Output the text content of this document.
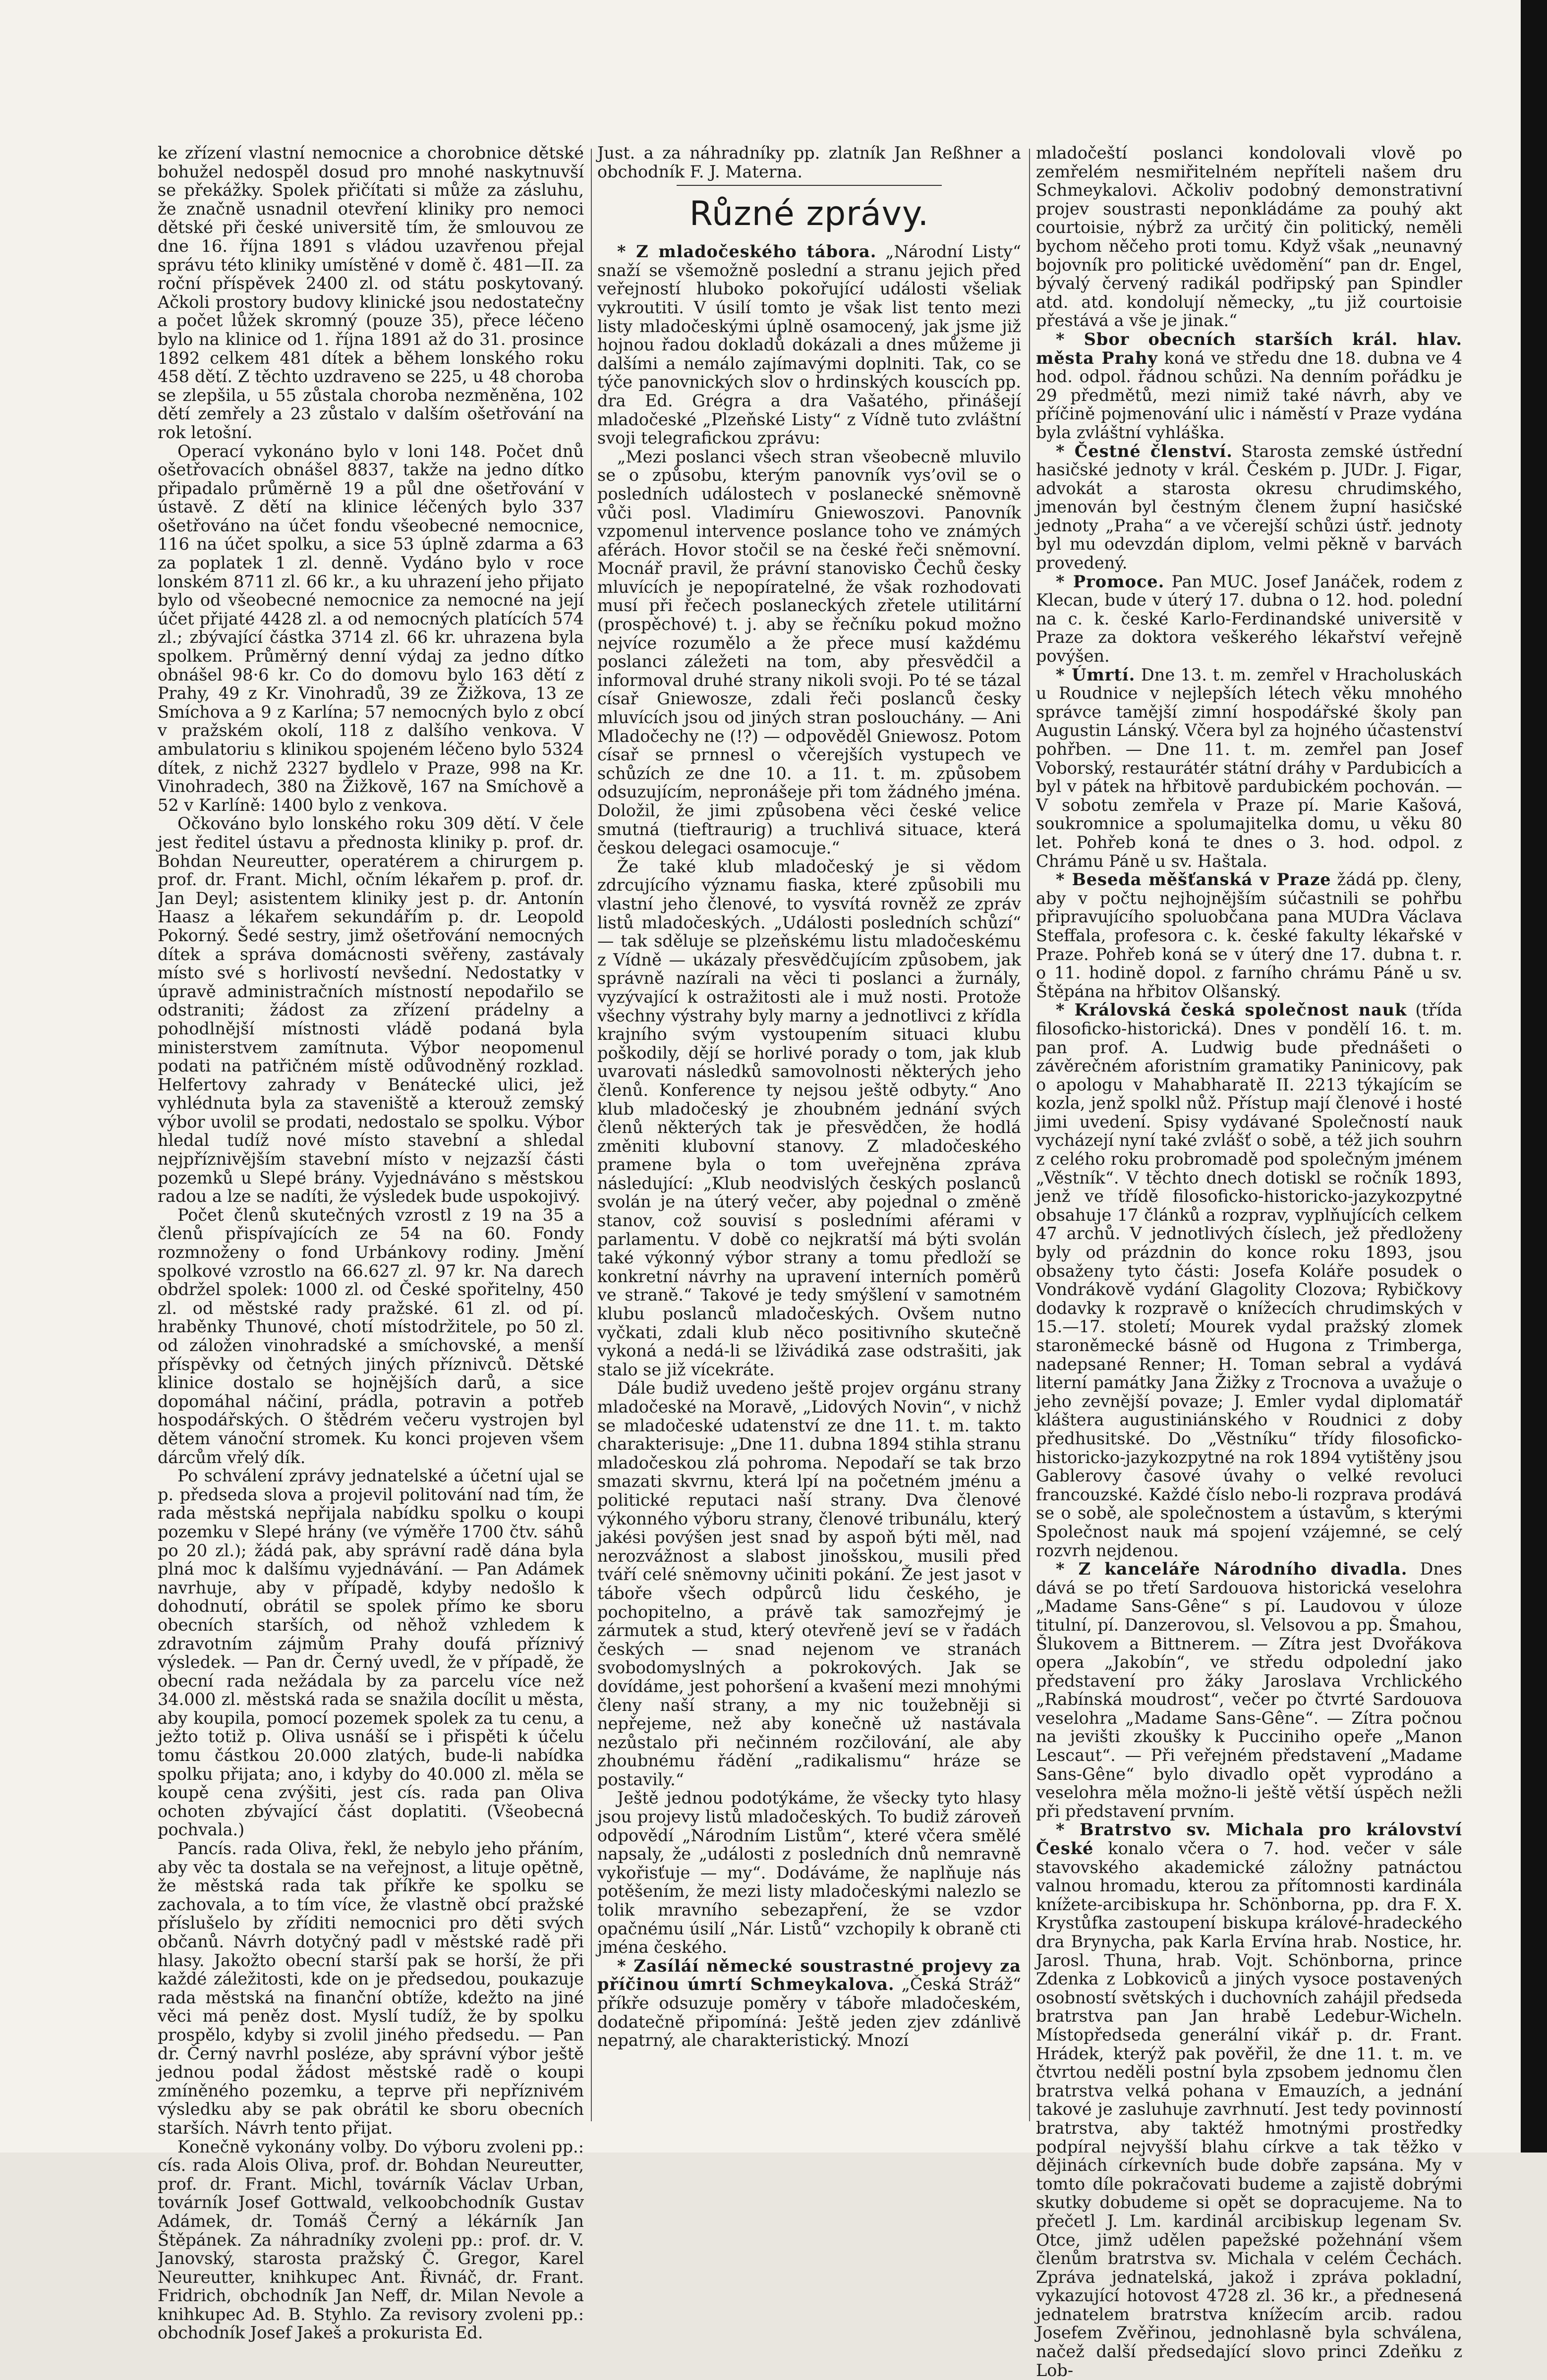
ke zřízení vlastní nemocnice a chorobnice dětské bohužel nedospěl dosud pro mnohé naskytnuvší se překážky. Spolek přičítati si může za zásluhu, že značně usnadnil otevření kliniky pro nemoci dětské při české universitě tím, že smlouvou ze dne 16. října 1891 s vládou uzavřenou přejal správu této kliniky umístěné v domě č. 481—II. za roční příspěvek 2400 zl. od státu poskytovaný. Ačkoli prostory budovy klinické jsou nedostatečny a počet lůžek skromný (pouze 35), přece léčeno bylo na klinice od 1. října 1891 až do 31. prosince 1892 celkem 481 dítek a během lonského roku 458 dětí. Z těchto uzdraveno se 225, u 48 choroba se zlepšila, u 55 zůstala choroba nezměněna, 102 dětí zemřely a 23 zůstalo v dalším ošetřování na rok letošní.

Operací vykonáno bylo v loni 148. Počet dnů ošetřovacích obnášel 8837, takže na jedno dítko připadalo průměrně 19 a půl dne ošetřování v ústavě. Z dětí na klinice léčených bylo 337 ošetřováno na účet fondu všeobecné nemocnice, 116 na účet spolku, a sice 53 úplně zdarma a 63 za poplatek 1 zl. denně. Vydáno bylo v roce lonském 8711 zl. 66 kr., a ku uhrazení jeho přijato bylo od všeobecné nemocnice za nemocné na její účet přijaté 4428 zl. a od nemocných platících 574 zl.; zbývající částka 3714 zl. 66 kr. uhrazena byla spolkem. Průměrný denní výdaj za jedno dítko obnášel 98·6 kr. Co do domovu bylo 163 dětí z Prahy, 49 z Kr. Vinohradů, 39 ze Žižkova, 13 ze Smíchova a 9 z Karlína; 57 nemocných bylo z obcí v pražském okolí, 118 z dalšího venkova. V ambulatoriu s klinikou spojeném léčeno bylo 5324 dítek, z nichž 2327 bydlelo v Praze, 998 na Kr. Vinohradech, 380 na Žižkově, 167 na Smíchově a 52 v Karlíně: 1400 bylo z venkova.

Očkováno bylo lonského roku 309 dětí. V čele jest ředitel ústavu a přednosta kliniky p. prof. dr. Bohdan Neureutter, operatérem a chirurgem p. prof. dr. Frant. Michl, očním lékařem p. prof. dr. Jan Deyl; asistentem kliniky jest p. dr. Antonín Haasz a lékařem sekundářím p. dr. Leopold Pokorný. Šedé sestry, jimž ošetřování nemocných dítek a správa domácnosti svěřeny, zastávaly místo své s horlivostí nevšední. Nedostatky v úpravě administračních místností nepodařilo se odstraniti; žádost za zřízení prádelny a pohodlnější místnosti vládě podaná byla ministerstvem zamítnuta. Výbor neopomenul podati na patřičném místě odůvodněný rozklad. Helfertovy zahrady v Benátecké ulici, jež vyhlédnuta byla za staveniště a kterouž zemský výbor uvolil se prodati, nedostalo se spolku. Výbor hledal tudíž nové místo stavební a shledal nejpříznivějším stavební místo v nejzazší části pozemků u Slepé brány. Vyjednáváno s městskou radou a lze se nadíti, že výsledek bude uspokojivý.

Počet členů skutečných vzrostl z 19 na 35 a členů přispívajících ze 54 na 60. Fondy rozmnoženy o fond Urbánkovy rodiny. Jmění spolkové vzrostlo na 66.627 zl. 97 kr. Na darech obdržel spolek: 1000 zl. od České spořitelny, 450 zl. od městské rady pražské. 61 zl. od pí. hraběnky Thunové, chotí místodržitele, po 50 zl. od záložen vinohradské a smíchovské, a menší příspěvky od četných jiných příznivců. Dětské klinice dostalo se hojnějších darů, a sice dopomáhal náčiní, prádla, potravin a potřeb hospodářských. O štědrém večeru vystrojen byl dětem vánoční stromek. Ku konci projeven všem dárcům vřelý dík.

Po schválení zprávy jednatelské a účetní ujal se p. předseda slova a projevil politování nad tím, že rada městská nepřijala nabídku spolku o koupi pozemku v Slepé hrány (ve výměře 1700 čtv. sáhů po 20 zl.); žádá pak, aby správní radě dána byla plná moc k dalšímu vyjednávání. — Pan Adámek navrhuje, aby v případě, kdyby nedošlo k dohodnutí, obrátil se spolek přímo ke sboru obecních starších, od něhož vzhledem k zdravotním zájmům Prahy doufá příznivý výsledek. — Pan dr. Černý uvedl, že v případě, že obecní rada nežádala by za parcelu více než 34.000 zl. městská rada se snažila docílit u města, aby koupila, pomocí pozemek spolek za tu cenu, a ježto totiž p. Oliva usnáší se i přispěti k účelu tomu částkou 20.000 zlatých, bude-li nabídka spolku přijata; ano, i kdyby do 40.000 zl. měla se koupě cena zvýšiti, jest cís. rada pan Oliva ochoten zbývající část doplatiti. (Všeobecná pochvala.)

Pancís. rada Oliva, řekl, že nebylo jeho přáním, aby věc ta dostala se na veřejnost, a lituje opětně, že městská rada tak příkře ke spolku se zachovala, a to tím více, že vlastně obcí pražské příslušelo by zříditi nemocnici pro děti svých občanů. Návrh dotyčný padl v městské radě při hlasy. Jakožto obecní starší pak se horší, že při každé záležitosti, kde on je předsedou, poukazuje rada městská na finanční obtíže, kdežto na jiné věci má peněz dost. Myslí tudíž, že by spolku prospělo, kdyby si zvolil jiného předsedu. — Pan dr. Černý navrhl posléze, aby správní výbor ještě jednou podal žádost městské radě o koupi zmíněného pozemku, a teprve při nepříznivém výsledku aby se pak obrátil ke sboru obecních starších. Návrh tento přijat.

Konečně vykonány volby. Do výboru zvoleni pp.: cís. rada Alois Oliva, prof. dr. Bohdan Neureutter, prof. dr. Frant. Michl, továrník Václav Urban, továrník Josef Gottwald, velkoobchodník Gustav Adámek, dr. Tomáš Černý a lékárník Jan Štěpánek. Za náhradníky zvoleni pp.: prof. dr. V. Janovský, starosta pražský Č. Gregor, Karel Neureutter, knihkupec Ant. Řivnáč, dr. Frant. Fridrich, obchodník Jan Neff, dr. Milan Nevole a knihkupec Ad. B. Styhlo. Za revisory zvoleni pp.: obchodník Josef Jakeš a prokurista Ed.

Just. a za náhradníky pp. zlatník Jan Reßhner a obchodník F. J. Materna.

Různé zprávy.

* Z mladočeského tábora. „Národní Listy“ snaží se všemožně poslední a stranu jejich před veřejností hluboko pokořující události všeliak vykroutiti. V úsilí tomto je však list tento mezi listy mladočeskými úplně osamocený, jak jsme již hojnou řadou dokladů dokázali a dnes můžeme ji dalšími a nemálo zajímavými doplniti. Tak, co se týče panovnických slov o hrdinských kouscích pp. dra Ed. Grégra a dra Vašatého, přinášejí mladočeské „Plzeňské Listy“ z Vídně tuto zvláštní svoji telegrafickou zprávu:

„Mezi poslanci všech stran všeobecně mluvilo se o způsobu, kterým panovník vys’ovil se o posledních událostech v poslanecké sněmovně vůči posl. Vladimíru Gniewoszovi. Panovník vzpomenul intervence poslance toho ve známých aférách. Hovor stočil se na české řeči sněmovní. Mocnář pravil, že právní stanovisko Čechů česky mluvících je nepopíratelné, že však rozhodovati musí při řečech poslaneckých zřetele utilitární (prospěchové) t. j. aby se řečníku pokud možno nejvíce rozumělo a že přece musí každému poslanci záležeti na tom, aby přesvědčil a informoval druhé strany nikoli svoji. Po té se tázal císař Gniewosze, zdali řeči poslanců česky mluvících jsou od jiných stran poslouchány. — Ani Mladočechy ne (!?) — odpověděl Gniewosz. Potom císař se prnnesl o včerejších vystupech ve schůzích ze dne 10. a 11. t. m. způsobem odsuzujícím, nepronášeje při tom žádného jména. Doložil, že jimi způsobena věci české velice smutná (tieftraurig) a truchlivá situace, která českou delegaci osamocuje.“

Že také klub mladočeský je si vědom zdrcujícího významu fiaska, které způsobili mu vlastní jeho členové, to vysvítá rovněž ze zpráv listů mladočeských. „Události posledních schůzí“ — tak sděluje se plzeňskému listu mladočeskému z Vídně — ukázaly přesvědčujícím způsobem, jak správně nazírali na věci ti poslanci a žurnály, vyzývající k ostražitosti ale i muž nosti. Protože všechny výstrahy byly marny a jednotlivci z křídla krajního svým vystoupením situaci klubu poškodily, dějí se horlivé porady o tom, jak klub uvarovati následků samovolnosti některých jeho členů. Konference ty nejsou ještě odbyty.“ Ano klub mladočeský je zhoubném jednání svých členů některých tak je přesvědčen, že hodlá změniti klubovní stanovy. Z mladočeského pramene byla o tom uveřejněna zpráva následující: „Klub neodvislých českých poslanců svolán je na úterý večer, aby pojednal o změně stanov, což souvisí s posledními aférami v parlamentu. V době co nejkratší má býti svolán také výkonný výbor strany a tomu předloží se konkretní návrhy na upravení interních poměrů ve straně.“ Takové je tedy smýšlení v samotném klubu poslanců mladočeských. Ovšem nutno vyčkati, zdali klub něco positivního skutečně vykoná a nedá-li se lživádiká zase odstrašiti, jak stalo se již vícekráte.

Dále budiž uvedeno ještě projev orgánu strany mladočeské na Moravě, „Lidových Novin“, v nichž se mladočeské udatenství ze dne 11. t. m. takto charakterisuje: „Dne 11. dubna 1894 stihla stranu mladočeskou zlá pohroma. Nepodaří se tak brzo smazati skvrnu, která lpí na početném jménu a politické reputaci naší strany. Dva členové výkonného výboru strany, členové tribunálu, který jakési povýšen jest snad by aspoň býti měl, nad nerozvážnost a slabost jinošskou, musili před tváří celé sněmovny učiniti pokání. Že jest jasot v táboře všech odpůrců lidu českého, je pochopitelno, a právě tak samozřejmý je zármutek a stud, který otevřeně jeví se v řadách českých — snad nejenom ve stranách svobodomyslných a pokrokových. Jak se dovídáme, jest pohoršení a kvašení mezi mnohými členy naší strany, a my nic toužebněji si nepřejeme, než aby konečně už nastávala nezůstalo při nečinném rozčilování, ale aby zhoubnému řádění „radikalismu“ hráze se postavily.“

Ještě jednou podotýkáme, že všecky tyto hlasy jsou projevy listů mladočeských. To budiž zároveň odpovědí „Národním Listům“, které včera smělé napsaly, že „události z posledních dnů nemravně vykořisťuje — my“. Dodáváme, že naplňuje nás potěšením, že mezi listy mladočeskými nalezlo se tolik mravního sebezapření, že se vzdor opačnému úsilí „Nár. Listů“ vzchopily k obraně cti jména českého.

* Zasíláí německé soustrastné projevy za příčinou úmrtí Schmeykalova. „Česká Stráž“ příkře odsuzuje poměry v táboře mladočeském, dodatečně připomíná: Ještě jeden zjev zdánlivě nepatrný, ale charakteristický. Mnozí

mladočeští poslanci kondolovali vlově po zemřelém nesmiřitelném nepříteli našem dru Schmeykalovi. Ačkoliv podobný demonstrativní projev soustrasti neponkládáme za pouhý akt courtoisie, nýbrž za určitý čin politický, neměli bychom něčeho proti tomu. Když však „neunavný bojovník pro politické uvědomění“ pan dr. Engel, bývalý červený radikál podřipský pan Spindler atd. atd. kondolují německy, „tu již courtoisie přestává a vše je jinak.“

* Sbor obecních starších král. hlav. města Prahy koná ve středu dne 18. dubna ve 4 hod. odpol. řádnou schůzi. Na denním pořádku je 29 předmětů, mezi nimiž také návrh, aby ve příčině pojmenování ulic i náměstí v Praze vydána byla zvláštní vyhláška.

* Čestné členství. Starosta zemské ústřední hasičské jednoty v král. Českém p. JUDr. J. Figar, advokát a starosta okresu chrudimského, jmenován byl čestným členem župní hasičské jednoty „Praha“ a ve včerejší schůzi ústř. jednoty byl mu odevzdán diplom, velmi pěkně v barvách provedený.

* Promoce. Pan MUC. Josef Janáček, rodem z Klecan, bude v úterý 17. dubna o 12. hod. polední na c. k. české Karlo-Ferdinandské universitě v Praze za doktora veškerého lékařství veřejně povýšen.

* Úmrtí. Dne 13. t. m. zemřel v Hracholuskách u Roudnice v nejlepších létech věku mnohého správce tamější zimní hospodářské školy pan Augustin Lánský. Včera byl za hojného účastenství pohřben. — Dne 11. t. m. zemřel pan Josef Voborský, restaurátér státní dráhy v Pardubicích a byl v pátek na hřbitově pardubickém pochován. — V sobotu zemřela v Praze pí. Marie Kašová, soukromnice a spolumajitelka domu, u věku 80 let. Pohřeb koná te dnes o 3. hod. odpol. z Chrámu Páně u sv. Haštala.

* Beseda měšťanská v Praze žádá pp. členy, aby v počtu nejhojnějším súčastnili se pohřbu připravujícího spoluobčana pana MUDra Václava Steffala, profesora c. k. české fakulty lékařské v Praze. Pohřeb koná se v úterý dne 17. dubna t. r. o 11. hodině dopol. z farního chrámu Páně u sv. Štěpána na hřbitov Olšanský.

* Královská česká společnost nauk (třída filosoficko-historická). Dnes v pondělí 16. t. m. pan prof. A. Ludwig bude přednášeti o závěrečném aforistním gramatiky Paninicovy, pak o apologu v Mahabharatě II. 2213 týkajícím se kozla, jenž spolkl nůž. Přístup mají členové i hosté jimi uvedení. Spisy vydávané Společností nauk vycházejí nyní také zvlášť o sobě, a též jich souhrn z celého roku probromadě pod společným jménem „Věstník“. V těchto dnech dotiskl se ročník 1893, jenž ve třídě filosoficko-historicko-jazykozpytné obsahuje 17 článků a rozprav, vyplňujících celkem 47 archů. V jednotlivých číslech, jež předloženy byly od prázdnin do konce roku 1893, jsou obsaženy tyto části: Josefa Koláře posudek o Vondrákově vydání Glagolity Clozova; Rybičkovy dodavky k rozpravě o knížecích chrudimských v 15.—17. století; Mourek vydal pražský zlomek staroněmecké básně od Hugona z Trimberga, nadepsané Renner; H. Toman sebral a vydává literní památky Jana Žižky z Trocnova a uvažuje o jeho zevnější povaze; J. Emler vydal diplomatář kláštera augustiniánského v Roudnici z doby předhusitské. Do „Věstníku“ třídy filosoficko-historicko-jazykozpytné na rok 1894 vytištěny jsou Gablerovy časové úvahy o velké revoluci francouzské. Každé číslo nebo-li rozprava prodává se o sobě, ale společnostem a ústavům, s kterými Společnost nauk má spojení vzájemné, se celý rozvrh nejdenou.

* Z kanceláře Národního divadla. Dnes dává se po třetí Sardouova historická veselohra „Madame Sans-Gêne“ s pí. Laudovou v úloze titulní, pí. Danzerovou, sl. Velsovou a pp. Šmahou, Šlukovem a Bittnerem. — Zítra jest Dvořákova opera „Jakobín“, ve středu odpolední jako představení pro žáky Jaroslava Vrchlického „Rabínská moudrost“, večer po čtvrté Sardouova veselohra „Madame Sans-Gêne“. — Zítra počnou na jevišti zkoušky k Pucciniho opeře „Manon Lescaut“. — Při veřejném představení „Madame Sans-Gêne“ bylo divadlo opět vyprodáno a veselohra měla možno-li ještě větší úspěch nežli při představení prvním.

* Bratrstvo sv. Michala pro království České konalo včera o 7. hod. večer v sále stavovského akademické záložny patnáctou valnou hromadu, kterou za přítomnosti kardinála knížete-arcibiskupa hr. Schönborna, pp. dra F. X. Krystůfka zastoupení biskupa králové-hradeckého dra Brynycha, pak Karla Ervína hrab. Nostice, hr. Jarosl. Thuna, hrab. Vojt. Schönborna, prince Zdenka z Lobkoviců a jiných vysoce postavených osobností světských i duchovních zahájil předseda bratrstva pan Jan hrabě Ledebur-Wicheln. Místopředseda generální vikář p. dr. Frant. Hrádek, kterýž pak pověřil, že dne 11. t. m. ve čtvrtou neděli postní byla zpsobem jednomu člen bratrstva velká pohana v Emauzích, a jednání takové je zasluhuje zavrhnutí. Jest tedy povinností bratrstva, aby taktéž hmotnými prostředky podpíral nejvyšší blahu církve a tak těžko v dějinách církevních bude dobře zapsána. My v tomto díle pokračovati budeme a zajistě dobrými skutky dobudeme si opět se dopracujeme. Na to přečetl J. Lm. kardinál arcibiskup legenam Sv. Otce, jimž udělen papežské požehnání všem členům bratrstva sv. Michala v celém Čechách. Zpráva jednatelská, jakož i zpráva pokladní, vykazující hotovost 4728 zl. 36 kr., a přednesená jednatelem bratrstva knížecím arcib. radou Josefem Zvěřinou, jednohlasně byla schválena, načež další předsedající slovo princi Zdeňku z Lob-
